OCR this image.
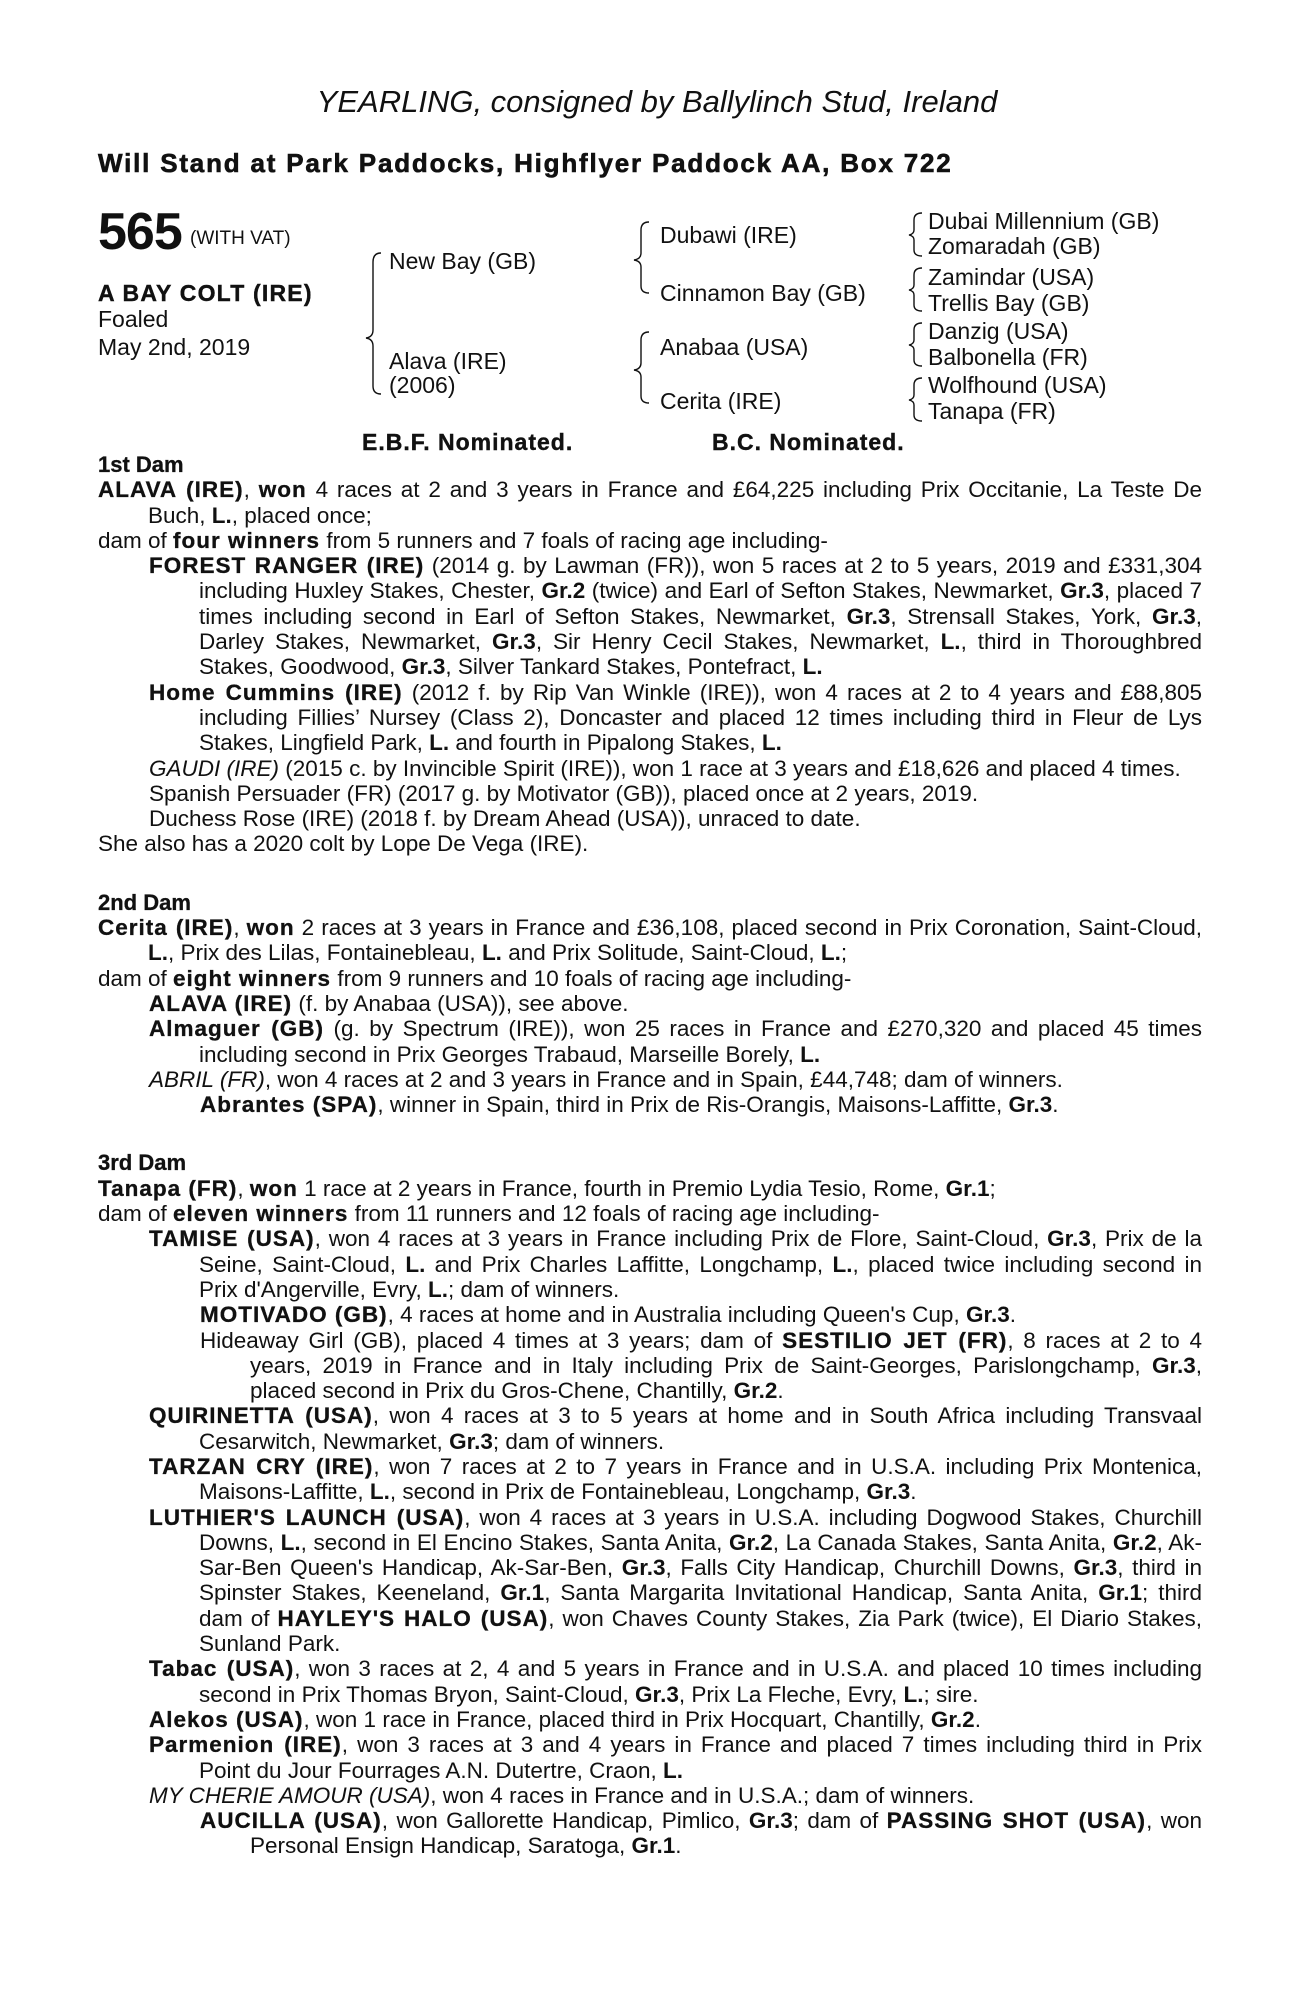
YEARLING, consigned by Ballylinch Stud, Ireland
Will Stand at Park Paddocks, Highflyer Paddock AA, Box 722
565 (WITH VAT)
A BAY COLT (IRE)
Foaled
May 2nd, 2019
New Bay (GB)
Alava (IRE)
(2006)
Dubawi (IRE)
Cinnamon Bay (GB)
Anabaa (USA)
Cerita (IRE)
Dubai Millennium (GB)
Zomaradah (GB)
Zamindar (USA)
Trellis Bay (GB)
Danzig (USA)
Balbonella (FR)
Wolfhound (USA)
Tanapa (FR)
E.B.F. Nominated.	B.C. Nominated.

1st Dam

ALAVA (IRE), won 4 races at 2 and 3 years in France and £64,225 including Prix Occitanie, La Teste De Buch, L., placed once;

dam of four winners from 5 runners and 7 foals of racing age including-

FOREST RANGER (IRE) (2014 g. by Lawman (FR)), won 5 races at 2 to 5 years, 2019 and £331,304 including Huxley Stakes, Chester, Gr.2 (twice) and Earl of Sefton Stakes, Newmarket, Gr.3, placed 7 times including second in Earl of Sefton Stakes, Newmarket, Gr.3, Strensall Stakes, York, Gr.3, Darley Stakes, Newmarket, Gr.3, Sir Henry Cecil Stakes, Newmarket, L., third in Thoroughbred Stakes, Goodwood, Gr.3, Silver Tankard Stakes, Pontefract, L.

Home Cummins (IRE) (2012 f. by Rip Van Winkle (IRE)), won 4 races at 2 to 4 years and £88,805 including Fillies’ Nursey (Class 2), Doncaster and placed 12 times including third in Fleur de Lys Stakes, Lingfield Park, L. and fourth in Pipalong Stakes, L.

GAUDI (IRE) (2015 c. by Invincible Spirit (IRE)), won 1 race at 3 years and £18,626 and placed 4 times.

Spanish Persuader (FR) (2017 g. by Motivator (GB)), placed once at 2 years, 2019.

Duchess Rose (IRE) (2018 f. by Dream Ahead (USA)), unraced to date.

She also has a 2020 colt by Lope De Vega (IRE).

2nd Dam

Cerita (IRE), won 2 races at 3 years in France and £36,108, placed second in Prix Coronation, Saint-Cloud, L., Prix des Lilas, Fontainebleau, L. and Prix Solitude, Saint-Cloud, L.;

dam of eight winners from 9 runners and 10 foals of racing age including-

ALAVA (IRE) (f. by Anabaa (USA)), see above.

Almaguer (GB) (g. by Spectrum (IRE)), won 25 races in France and £270,320 and placed 45 times including second in Prix Georges Trabaud, Marseille Borely, L.

ABRIL (FR), won 4 races at 2 and 3 years in France and in Spain, £44,748; dam of winners.

Abrantes (SPA), winner in Spain, third in Prix de Ris-Orangis, Maisons-Laffitte, Gr.3.

3rd Dam

Tanapa (FR), won 1 race at 2 years in France, fourth in Premio Lydia Tesio, Rome, Gr.1;

dam of eleven winners from 11 runners and 12 foals of racing age including-

TAMISE (USA), won 4 races at 3 years in France including Prix de Flore, Saint-Cloud, Gr.3, Prix de la Seine, Saint-Cloud, L. and Prix Charles Laffitte, Longchamp, L., placed twice including second in Prix d'Angerville, Evry, L.; dam of winners.

MOTIVADO (GB), 4 races at home and in Australia including Queen's Cup, Gr.3.

Hideaway Girl (GB), placed 4 times at 3 years; dam of SESTILIO JET (FR), 8 races at 2 to 4 years, 2019 in France and in Italy including Prix de Saint-Georges, Parislongchamp, Gr.3, placed second in Prix du Gros-Chene, Chantilly, Gr.2.

QUIRINETTA (USA), won 4 races at 3 to 5 years at home and in South Africa including Transvaal Cesarwitch, Newmarket, Gr.3; dam of winners.

TARZAN CRY (IRE), won 7 races at 2 to 7 years in France and in U.S.A. including Prix Montenica, Maisons-Laffitte, L., second in Prix de Fontainebleau, Longchamp, Gr.3.

LUTHIER'S LAUNCH (USA), won 4 races at 3 years in U.S.A. including Dogwood Stakes, Churchill Downs, L., second in El Encino Stakes, Santa Anita, Gr.2, La Canada Stakes, Santa Anita, Gr.2, Ak-Sar-Ben Queen's Handicap, Ak-Sar-Ben, Gr.3, Falls City Handicap, Churchill Downs, Gr.3, third in Spinster Stakes, Keeneland, Gr.1, Santa Margarita Invitational Handicap, Santa Anita, Gr.1; third dam of HAYLEY'S HALO (USA), won Chaves County Stakes, Zia Park (twice), El Diario Stakes, Sunland Park.

Tabac (USA), won 3 races at 2, 4 and 5 years in France and in U.S.A. and placed 10 times including second in Prix Thomas Bryon, Saint-Cloud, Gr.3, Prix La Fleche, Evry, L.; sire.

Alekos (USA), won 1 race in France, placed third in Prix Hocquart, Chantilly, Gr.2.

Parmenion (IRE), won 3 races at 3 and 4 years in France and placed 7 times including third in Prix Point du Jour Fourrages A.N. Dutertre, Craon, L.

MY CHERIE AMOUR (USA), won 4 races in France and in U.S.A.; dam of winners.

AUCILLA (USA), won Gallorette Handicap, Pimlico, Gr.3; dam of PASSING SHOT (USA), won Personal Ensign Handicap, Saratoga, Gr.1.
